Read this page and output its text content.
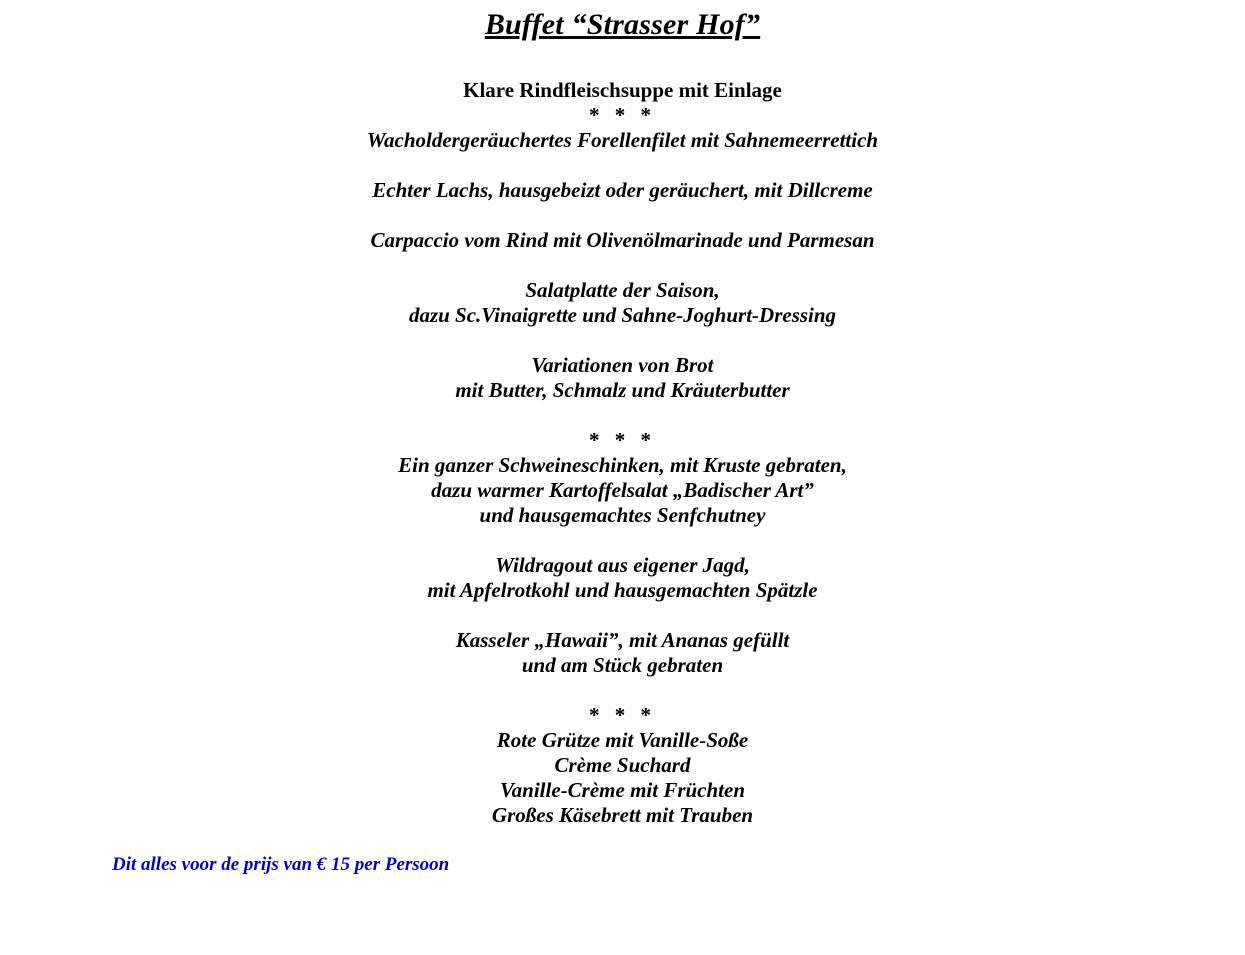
Buffet “Strasser Hof”
Klare Rindfleischsuppe mit Einlage
* * *
Wacholdergeräuchertes Forellenfilet mit Sahnemeerrettich
Echter Lachs, hausgebeizt oder geräuchert, mit Dillcreme
Carpaccio vom Rind mit Olivenölmarinade und Parmesan
Salatplatte der Saison,
dazu Sc.Vinaigrette und Sahne-Joghurt-Dressing
Variationen von Brot
mit Butter, Schmalz und Kräuterbutter
* * *
Ein ganzer Schweineschinken, mit Kruste gebraten,
dazu warmer Kartoffelsalat „Badischer Art”
und hausgemachtes Senfchutney
Wildragout aus eigener Jagd,
mit Apfelrotkohl und hausgemachten Spätzle
Kasseler „Hawaii”, mit Ananas gefüllt
und am Stück gebraten
* * *
Rote Grütze mit Vanille-Soße
Crème Suchard
Vanille-Crème mit Früchten
Großes Käsebrett mit Trauben
Dit alles voor de prijs van € 15 per Persoon
